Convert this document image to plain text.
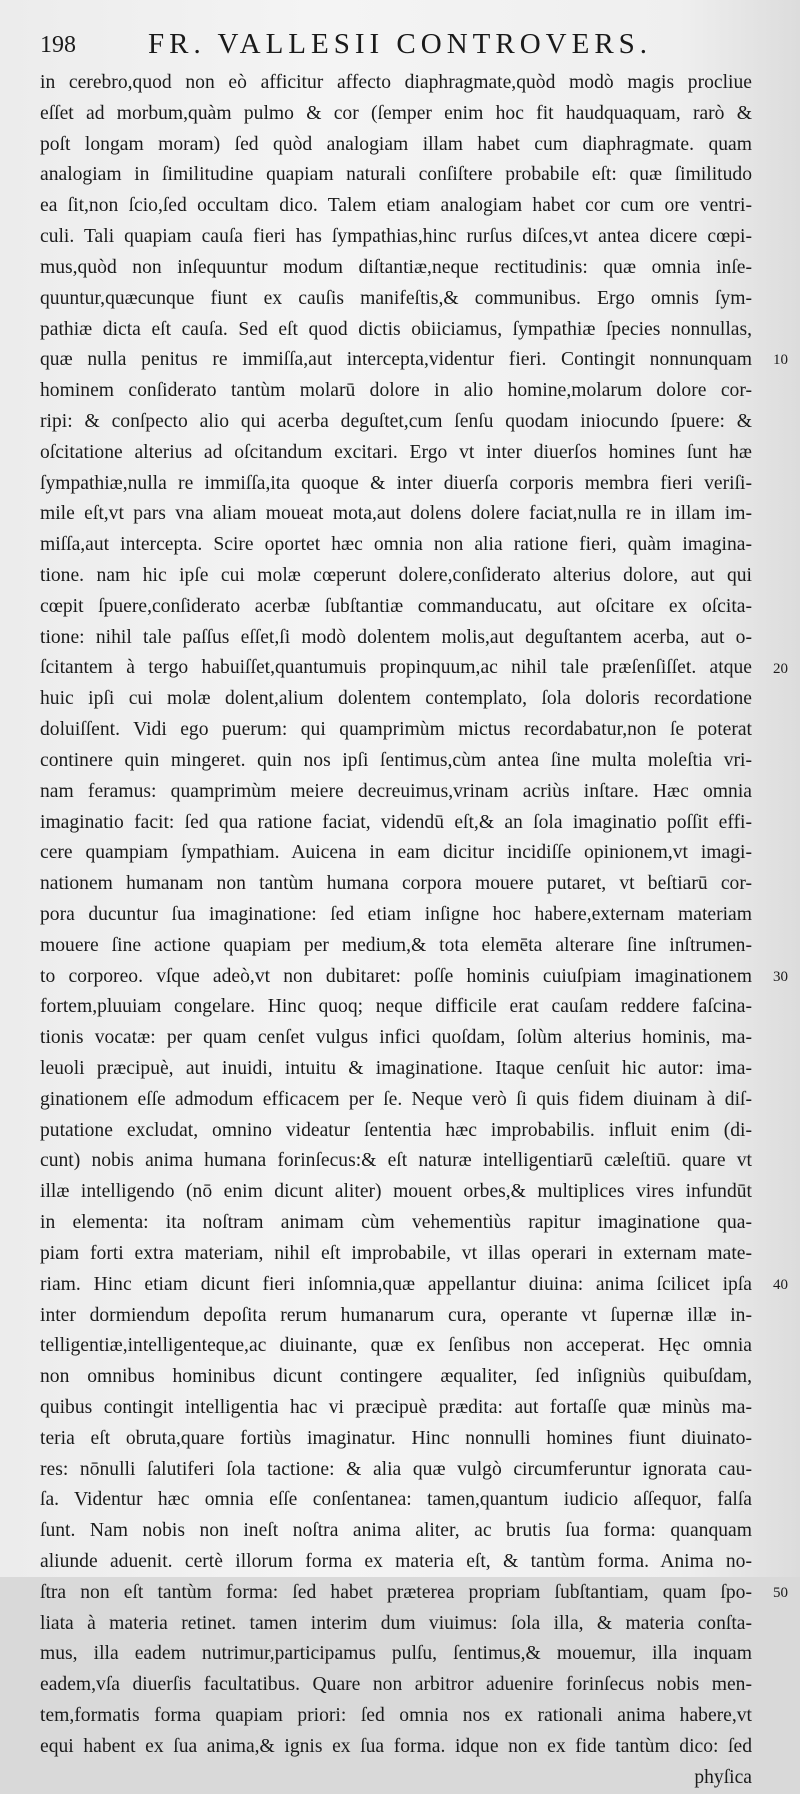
198 FR. VALLESII CONTROVERS.
in cerebro,quod non eò afficitur affecto diaphragmate,quòd modò magis procliue
eſſet ad morbum,quàm pulmo & cor (ſemper enim hoc fit haudquaquam, rarò &
poſt longam moram) ſed quòd analogiam illam habet cum diaphragmate. quam
analogiam in ſimilitudine quapiam naturali conſiſtere probabile eſt: quæ ſimilitudo
ea ſit,non ſcio,ſed occultam dico. Talem etiam analogiam habet cor cum ore ventri-
culi. Tali quapiam cauſa fieri has ſympathias,hinc rurſus diſces,vt antea dicere cœpi-
mus,quòd non inſequuntur modum diſtantiæ,neque rectitudinis: quæ omnia inſe-
quuntur,quæcunque fiunt ex cauſis manifeſtis,& communibus. Ergo omnis ſym-
pathiæ dicta eſt cauſa. Sed eſt quod dictis obiiciamus, ſympathiæ ſpecies nonnullas,
quæ nulla penitus re immiſſa,aut intercepta,videntur fieri. Contingit nonnunquam
hominem conſiderato tantùm molarū dolore in alio homine,molarum dolore cor-
ripi: & conſpecto alio qui acerba deguſtet,cum ſenſu quodam iniocundo ſpuere: &
oſcitatione alterius ad oſcitandum excitari. Ergo vt inter diuerſos homines ſunt hæ
ſympathiæ,nulla re immiſſa,ita quoque & inter diuerſa corporis membra fieri veriſi-
mile eſt,vt pars vna aliam moueat mota,aut dolens dolere faciat,nulla re in illam im-
miſſa,aut intercepta. Scire oportet hæc omnia non alia ratione fieri, quàm imagina-
tione. nam hic ipſe cui molæ cœperunt dolere,conſiderato alterius dolore, aut qui
cœpit ſpuere,conſiderato acerbæ ſubſtantiæ commanducatu, aut oſcitare ex oſcita-
tione: nihil tale paſſus eſſet,ſi modò dolentem molis,aut deguſtantem acerba, aut o-
ſcitantem à tergo habuiſſet,quantumuis propinquum,ac nihil tale præſenſiſſet. atque
huic ipſi cui molæ dolent,alium dolentem contemplato, ſola doloris recordatione
doluiſſent. Vidi ego puerum: qui quamprimùm mictus recordabatur,non ſe poterat
continere quin mingeret. quin nos ipſi ſentimus,cùm antea ſine multa moleſtia vri-
nam feramus: quamprimùm meiere decreuimus,vrinam acriùs inſtare. Hæc omnia
imaginatio facit: ſed qua ratione faciat, videndū eſt,& an ſola imaginatio poſſit effi-
cere quampiam ſympathiam. Auicena in eam dicitur incidiſſe opinionem,vt imagi-
nationem humanam non tantùm humana corpora mouere putaret, vt beſtiarū cor-
pora ducuntur ſua imaginatione: ſed etiam inſigne hoc habere,externam materiam
mouere ſine actione quapiam per medium,& tota elemēta alterare ſine inſtrumen-
to corporeo. vſque adeò,vt non dubitaret: poſſe hominis cuiuſpiam imaginationem
fortem,pluuiam congelare. Hinc quoq; neque difficile erat cauſam reddere faſcina-
tionis vocatæ: per quam cenſet vulgus infici quoſdam, ſolùm alterius hominis, ma-
leuoli præcipuè, aut inuidi, intuitu & imaginatione. Itaque cenſuit hic autor: ima-
ginationem eſſe admodum efficacem per ſe. Neque verò ſi quis fidem diuinam à diſ-
putatione excludat, omnino videatur ſententia hæc improbabilis. influit enim (di-
cunt) nobis anima humana forinſecus:& eſt naturæ intelligentiarū cæleſtiū. quare vt
illæ intelligendo (nō enim dicunt aliter) mouent orbes,& multiplices vires infundūt
in elementa: ita noſtram animam cùm vehementiùs rapitur imaginatione qua-
piam forti extra materiam, nihil eſt improbabile, vt illas operari in externam mate-
riam. Hinc etiam dicunt fieri inſomnia,quæ appellantur diuina: anima ſcilicet ipſa
inter dormiendum depoſita rerum humanarum cura, operante vt ſupernæ illæ in-
telligentiæ,intelligenteque,ac diuinante, quæ ex ſenſibus non acceperat. Hęc omnia
non omnibus hominibus dicunt contingere æqualiter, ſed inſigniùs quibuſdam,
quibus contingit intelligentia hac vi præcipuè prædita: aut fortaſſe quæ minùs ma-
teria eſt obruta,quare fortiùs imaginatur. Hinc nonnulli homines fiunt diuinato-
res: nōnulli ſalutiferi ſola tactione: & alia quæ vulgò circumferuntur ignorata cau-
ſa. Videntur hæc omnia eſſe conſentanea: tamen,quantum iudicio aſſequor, falſa
ſunt. Nam nobis non ineſt noſtra anima aliter, ac brutis ſua forma: quanquam
aliunde aduenit. certè illorum forma ex materia eſt, & tantùm forma. Anima no-
ſtra non eſt tantùm forma: ſed habet præterea propriam ſubſtantiam, quam ſpo-
liata à materia retinet. tamen interim dum viuimus: ſola illa, & materia conſta-
mus, illa eadem nutrimur,participamus pulſu, ſentimus,& mouemur, illa inquam
eadem,vſa diuerſis facultatibus. Quare non arbitror aduenire forinſecus nobis men-
tem,formatis forma quapiam priori: ſed omnia nos ex rationali anima habere,vt
equi habent ex ſua anima,& ignis ex ſua forma. idque non ex fide tantùm dico: ſed
phyſica
10
20
30
40
50
